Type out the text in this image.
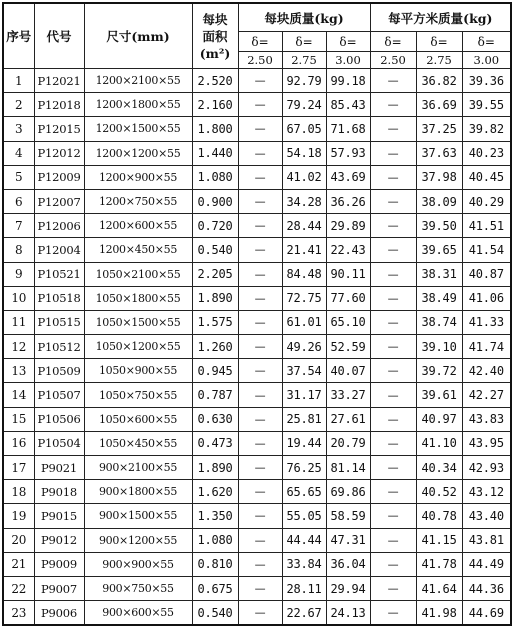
序号	代号	尺寸(mm)	每块
面积
(m²)	每块质量(kg)			每平方米质量(kg)		
				δ=	δ=	δ=	δ=	δ=	δ=
				2.50	2.75	3.00	2.50	2.75	3.00
1	P12021	1200×2100×55	2.520	—	92.79	99.18	—	36.82	39.36
2	P12018	1200×1800×55	2.160	—	79.24	85.43	—	36.69	39.55
3	P12015	1200×1500×55	1.800	—	67.05	71.68	—	37.25	39.82
4	P12012	1200×1200×55	1.440	—	54.18	57.93	—	37.63	40.23
5	P12009	1200×900×55	1.080	—	41.02	43.69	—	37.98	40.45
6	P12007	1200×750×55	0.900	—	34.28	36.26	—	38.09	40.29
7	P12006	1200×600×55	0.720	—	28.44	29.89	—	39.50	41.51
8	P12004	1200×450×55	0.540	—	21.41	22.43	—	39.65	41.54
9	P10521	1050×2100×55	2.205	—	84.48	90.11	—	38.31	40.87
10	P10518	1050×1800×55	1.890	—	72.75	77.60	—	38.49	41.06
11	P10515	1050×1500×55	1.575	—	61.01	65.10	—	38.74	41.33
12	P10512	1050×1200×55	1.260	—	49.26	52.59	—	39.10	41.74
13	P10509	1050×900×55	0.945	—	37.54	40.07	—	39.72	42.40
14	P10507	1050×750×55	0.787	—	31.17	33.27	—	39.61	42.27
15	P10506	1050×600×55	0.630	—	25.81	27.61	—	40.97	43.83
16	P10504	1050×450×55	0.473	—	19.44	20.79	—	41.10	43.95
17	P9021	900×2100×55	1.890	—	76.25	81.14	—	40.34	42.93
18	P9018	900×1800×55	1.620	—	65.65	69.86	—	40.52	43.12
19	P9015	900×1500×55	1.350	—	55.05	58.59	—	40.78	43.40
20	P9012	900×1200×55	1.080	—	44.44	47.31	—	41.15	43.81
21	P9009	900×900×55	0.810	—	33.84	36.04	—	41.78	44.49
22	P9007	900×750×55	0.675	—	28.11	29.94	—	41.64	44.36
23	P9006	900×600×55	0.540	—	22.67	24.13	—	41.98	44.69
